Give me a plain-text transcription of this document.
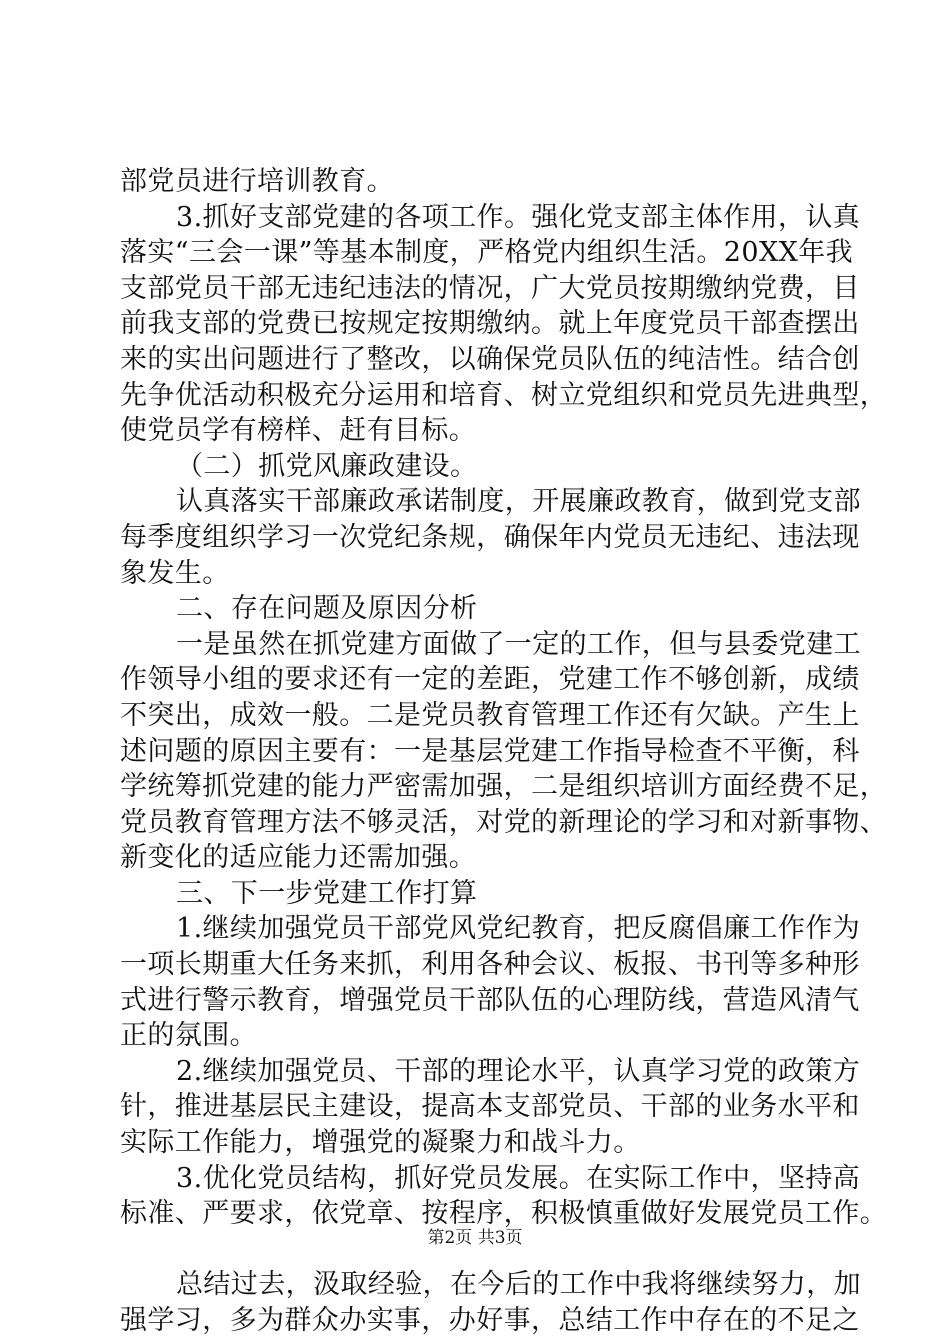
部党员进行培训教育。
3.抓好支部党建的各项工作。强化党支部主体作用，认真
落实“三会一课”等基本制度，严格党内组织生活。20XX年我
支部党员干部无违纪违法的情况，广大党员按期缴纳党费，目
前我支部的党费已按规定按期缴纳。就上年度党员干部查摆出
来的实出问题进行了整改，以确保党员队伍的纯洁性。结合创
先争优活动积极充分运用和培育、树立党组织和党员先进典型，
使党员学有榜样、赶有目标。
（二）抓党风廉政建设。
认真落实干部廉政承诺制度，开展廉政教育，做到党支部
每季度组织学习一次党纪条规，确保年内党员无违纪、违法现
象发生。
二、存在问题及原因分析
一是虽然在抓党建方面做了一定的工作，但与县委党建工
作领导小组的要求还有一定的差距，党建工作不够创新，成绩
不突出，成效一般。二是党员教育管理工作还有欠缺。产生上
述问题的原因主要有：一是基层党建工作指导检查不平衡，科
学统筹抓党建的能力严密需加强，二是组织培训方面经费不足，
党员教育管理方法不够灵活，对党的新理论的学习和对新事物、
新变化的适应能力还需加强。
三、下一步党建工作打算
1.继续加强党员干部党风党纪教育，把反腐倡廉工作作为
一项长期重大任务来抓，利用各种会议、板报、书刊等多种形
式进行警示教育，增强党员干部队伍的心理防线，营造风清气
正的氛围。
2.继续加强党员、干部的理论水平，认真学习党的政策方
针，推进基层民主建设，提高本支部党员、干部的业务水平和
实际工作能力，增强党的凝聚力和战斗力。
3.优化党员结构，抓好党员发展。在实际工作中，坚持高
标准、严要求，依党章、按程序，积极慎重做好发展党员工作。
总结过去，汲取经验，在今后的工作中我将继续努力，加
强学习，多为群众办实事，办好事，总结工作中存在的不足之
第2页 共3页
